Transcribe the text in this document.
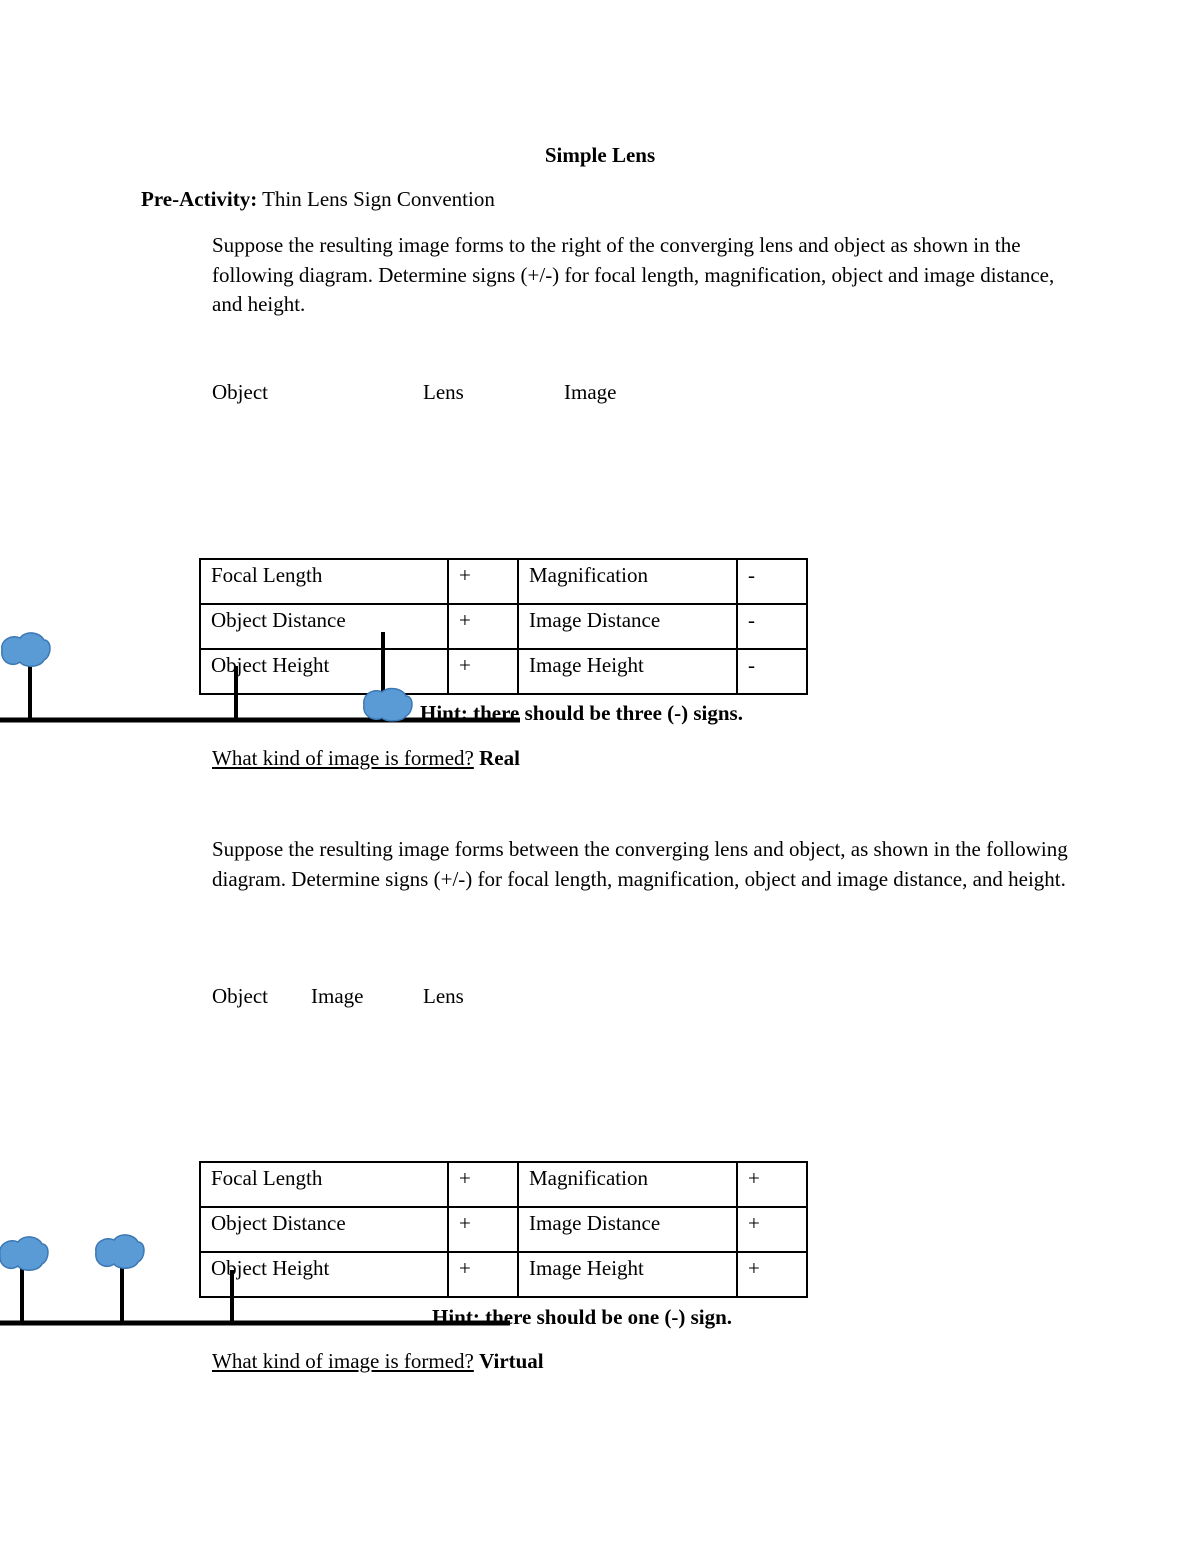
Simple Lens
Pre-Activity: Thin Lens Sign Convention
Suppose the resulting image forms to the right of the converging lens and object as shown in the following diagram. Determine signs (+/-) for focal length, magnification, object and image distance, and height.
Object	Lens	Image
Focal Length	+	Magnification	-
Object Distance	+	Image Distance	-
Object Height	+	Image Height	-
Hint: there should be three (-) signs.
What kind of image is formed? Real
Suppose the resulting image forms between the converging lens and object, as shown in the following diagram. Determine signs (+/-) for focal length, magnification, object and image distance, and height.
Object Image	Lens
Focal Length	+	Magnification	+
Object Distance	+	Image Distance	+
Object Height	+	Image Height	+
Hint: there should be one (-) sign.
What kind of image is formed? Virtual
